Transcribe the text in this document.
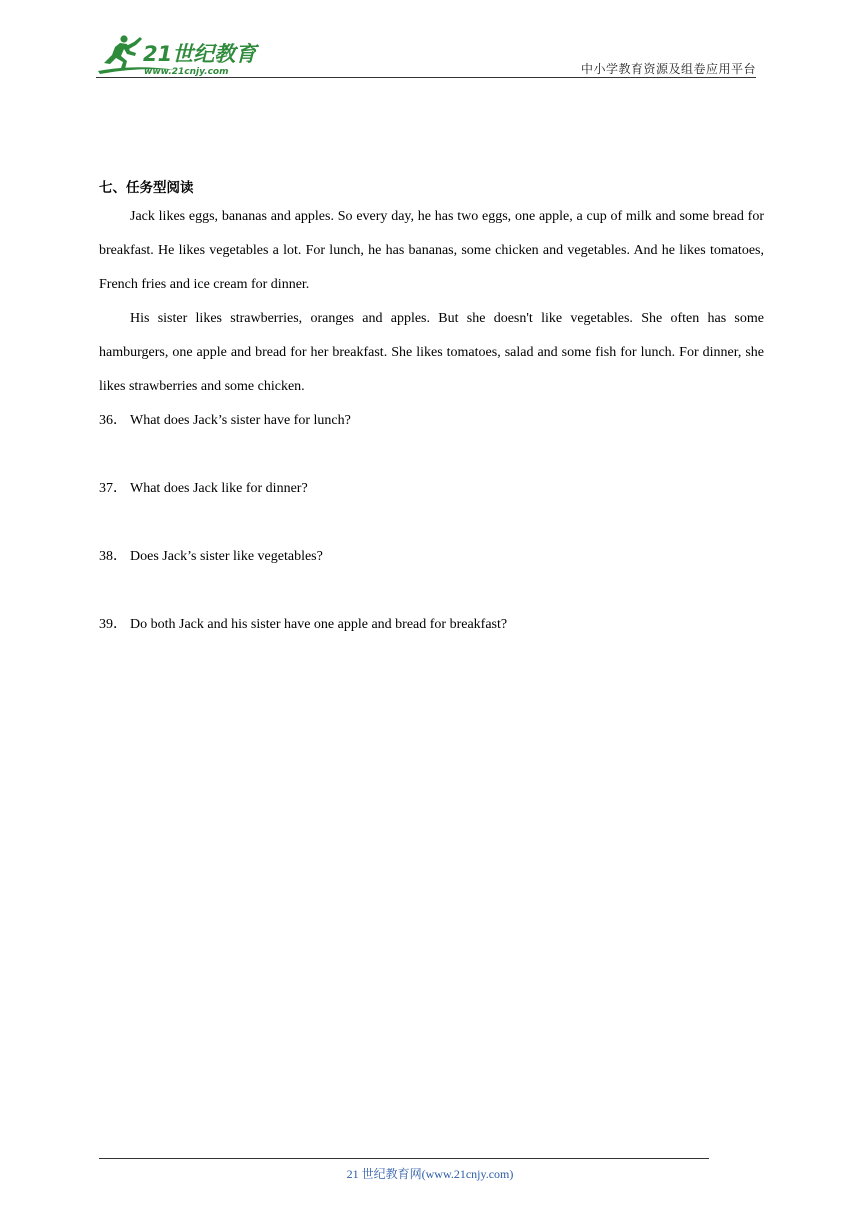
21世纪教育
www.21cnjy.com	中小学教育资源及组卷应用平台

七、任务型阅读

Jack likes eggs, bananas and apples. So every day, he has two eggs, one apple, a cup of milk and some bread for breakfast. He likes vegetables a lot. For lunch, he has bananas, some chicken and vegetables. And he likes tomatoes, French fries and ice cream for dinner.

His sister likes strawberries, oranges and apples. But she doesn't like vegetables. She often has some hamburgers, one apple and bread for her breakfast. She likes tomatoes, salad and some fish for lunch. For dinner, she likes strawberries and some chicken.

36． What does Jack’s sister have for lunch?
37． What does Jack like for dinner?
38． Does Jack’s sister like vegetables?
39． Do both Jack and his sister have one apple and bread for breakfast?
21 世纪教育网(www.21cnjy.com)
